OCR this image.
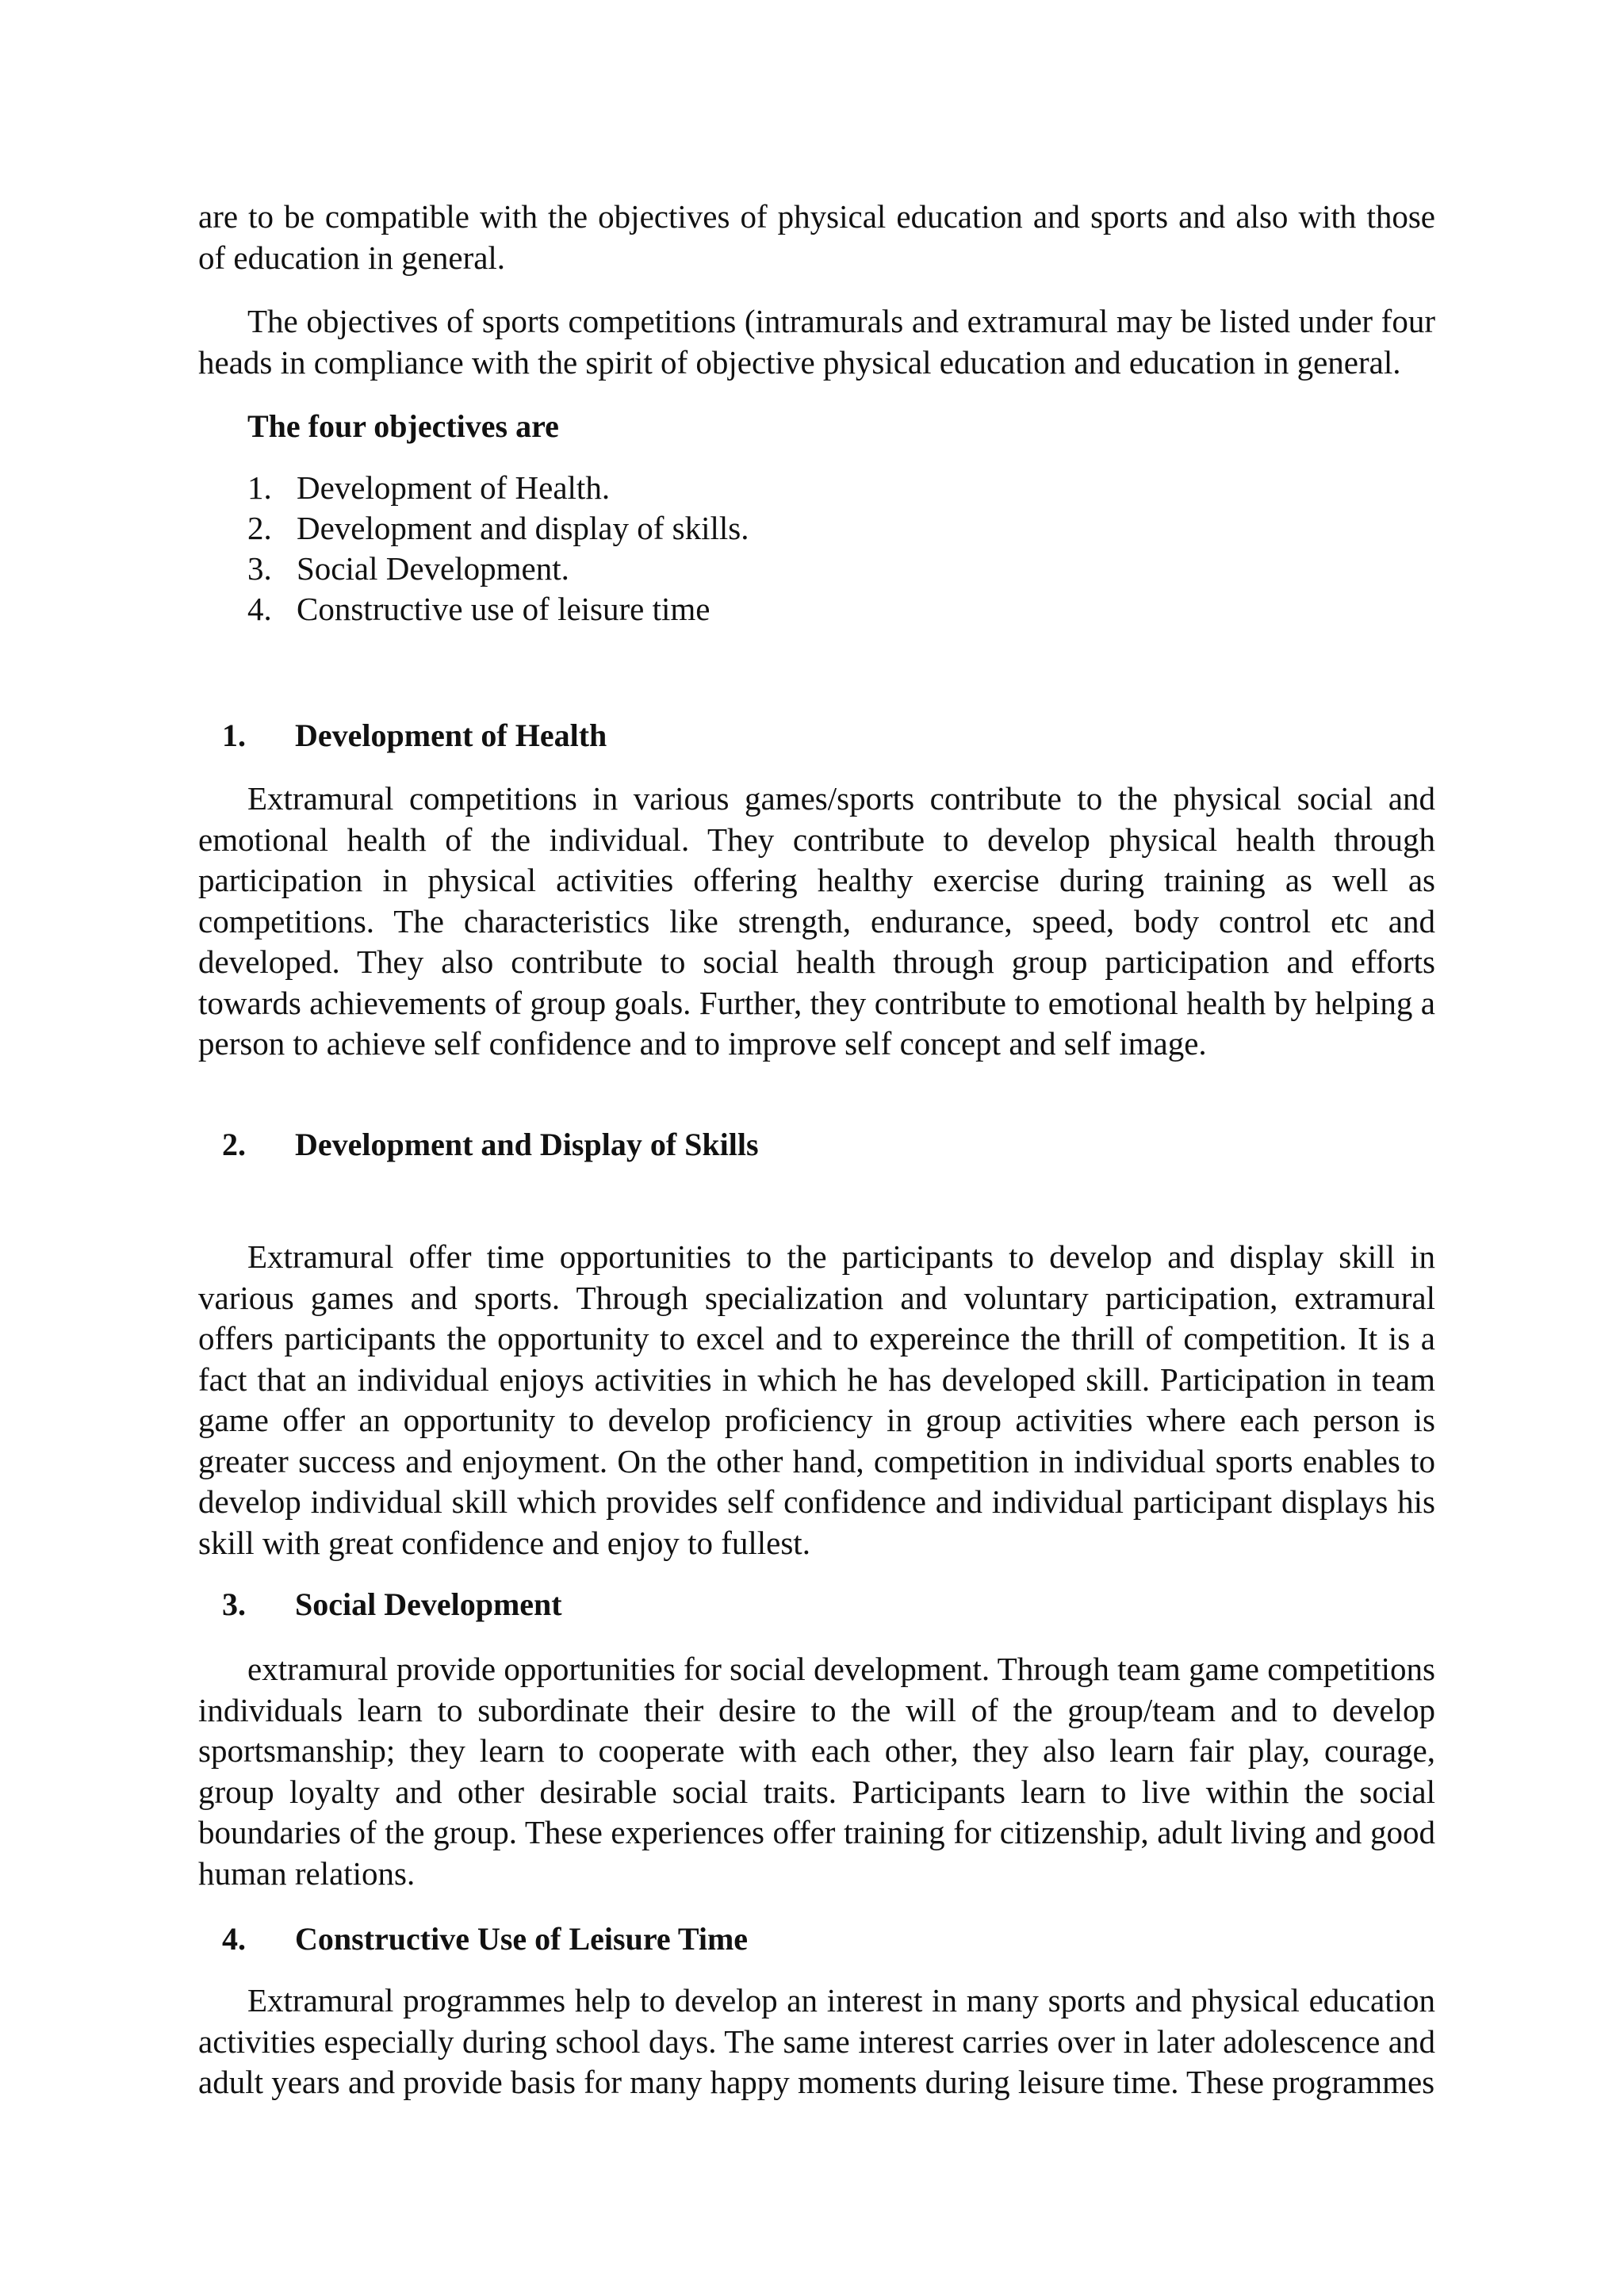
are to be compatible with the objectives of physical education and sports and also with those of education in general.

The objectives of sports competitions (intramurals and extramural may be listed under four heads in compliance with the spirit of objective physical education and education in general.

The four objectives are

1. Development of Health.
2. Development and display of skills.
3. Social Development.
4. Constructive use of leisure time
1. Development of Health

Extramural competitions in various games/sports contribute to the physical social and emotional health of the individual. They contribute to develop physical health through participation in physical activities offering healthy exercise during training as well as competitions. The characteristics like strength, endurance, speed, body control etc and developed. They also contribute to social health through group participation and efforts towards achievements of group goals. Further, they contribute to emotional health by helping a person to achieve self confidence and to improve self concept and self image.

2. Development and Display of Skills

Extramural offer time opportunities to the participants to develop and display skill in various games and sports. Through specialization and voluntary participation, extramural offers participants the opportunity to excel and to expereince the thrill of competition. It is a fact that an individual enjoys activities in which he has developed skill. Participation in team game offer an opportunity to develop proficiency in group activities where each person is greater success and enjoyment. On the other hand, competition in individual sports enables to develop individual skill which provides self confidence and individual participant displays his skill with great confidence and enjoy to fullest.

3. Social Development

extramural provide opportunities for social development. Through team game competitions individuals learn to subordinate their desire to the will of the group/team and to develop sportsmanship; they learn to cooperate with each other, they also learn fair play, courage, group loyalty and other desirable social traits. Participants learn to live within the social boundaries of the group. These experiences offer training for citizenship, adult living and good human relations.

4. Constructive Use of Leisure Time

Extramural programmes help to develop an interest in many sports and physical education activities especially during school days. The same interest carries over in later adolescence and adult years and provide basis for many happy moments during leisure time. These programmes
